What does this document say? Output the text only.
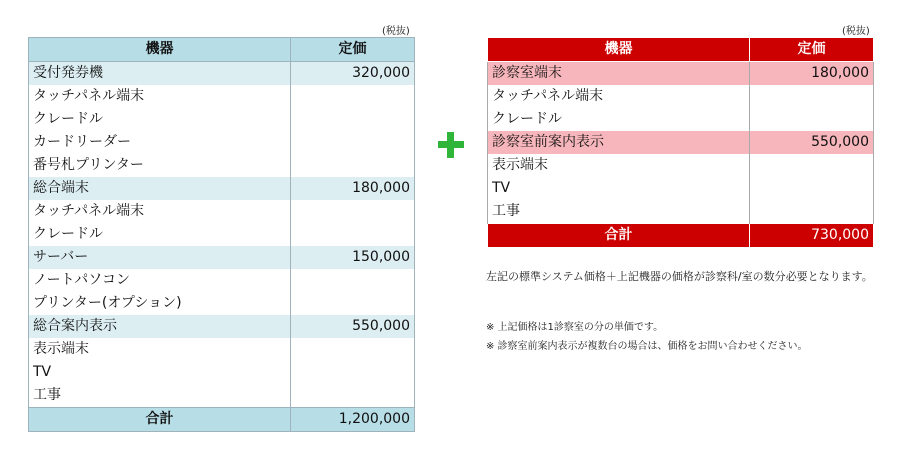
(税抜)
機器	定価
受付発券機	320,000
タッチパネル端末	
クレードル	
カードリーダー	
番号札プリンター	
総合端末	180,000
タッチパネル端末	
クレードル	
サーバー	150,000
ノートパソコン	
プリンター(オプション)	
総合案内表示	550,000
表示端末	
TV	
工事	
合計	1,200,000
(税抜)
機器	定価
診察室端末	180,000
タッチパネル端末	
クレードル	
診察室前案内表示	550,000
表示端末	
TV	
工事	
合計	730,000
左記の標準システム価格＋上記機器の価格が診察科/室の数分必要となります。
※ 上記価格は1診察室の分の単価です。
※ 診察室前案内表示が複数台の場合は、価格をお問い合わせください。
